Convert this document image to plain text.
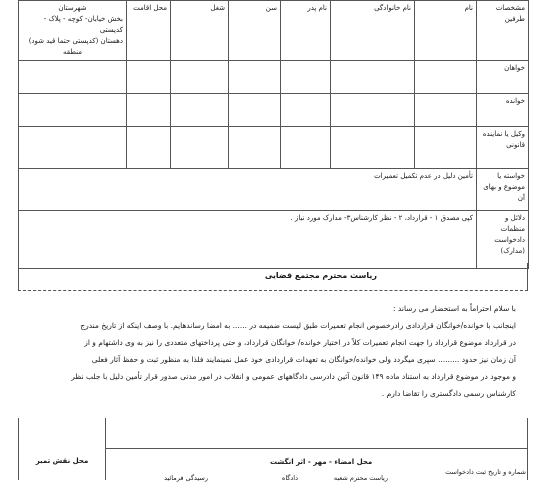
مشخصات طرفین	نام	نام خانوادگی	نام پدر	سن	شغل	محل اقامت	شهرستان
بخش خیابان- کوچه - پلاک - کدپستی
دهستان (کدپستی حتما قید شود)
منطقه

خواهان							
خوانده							
وکیل یا نماینده قانونی							
خواسته یا موضوع و بهای آن	تأمین دلیل در عدم تکمیل تعمیرات						
دلائل و منظمات دادخواست (مدارک)	کپی مصدق ۱ - قرارداد، ۲ - نظر کارشناس۳- مدارک مورد نیاز .						
ریاست محترم مجتمع قضایی

با سلام احتراماً به استحضار می رساند :

اینجانب با خوانده/خوانگان قراردادی رادرخصوص انجام تعمیرات طبق لیست ضمیمه در ...... به امضا رساندهایم. با وصف اینکه از تاریخ مندرج

در قرارداد موضوع قرارداد را جهت انجام تعمیرات کلاً در اختیار خوانده/ خوانگان قرارداد، و حتی پرداختهای متعددی را نیز به وی داشتهام و از

آن زمان نیز حدود ......... سپری میگردد ولی خوانده/خوانگان به تعهدات قراردادی خود عمل نمینمایند فلذا به منظور ثبت و حفظ آثار فعلی

و موجود در موضوع قرارداد به استناد ماده ۱۴۹ قانون آئین دادرسی دادگاههای عمومی و انقلاب در امور مدنی صدور قرار تأمین دلیل با جلب نظر

کارشناس رسمی دادگستری را تقاضا دارم .

محل نقش تمبر	محل امضاء - مهر - اثر انگشت
شماره و تاریخ ثبت دادخواست
ریاست محترم شعبه
دادگاه
رسیدگی فرمائید
